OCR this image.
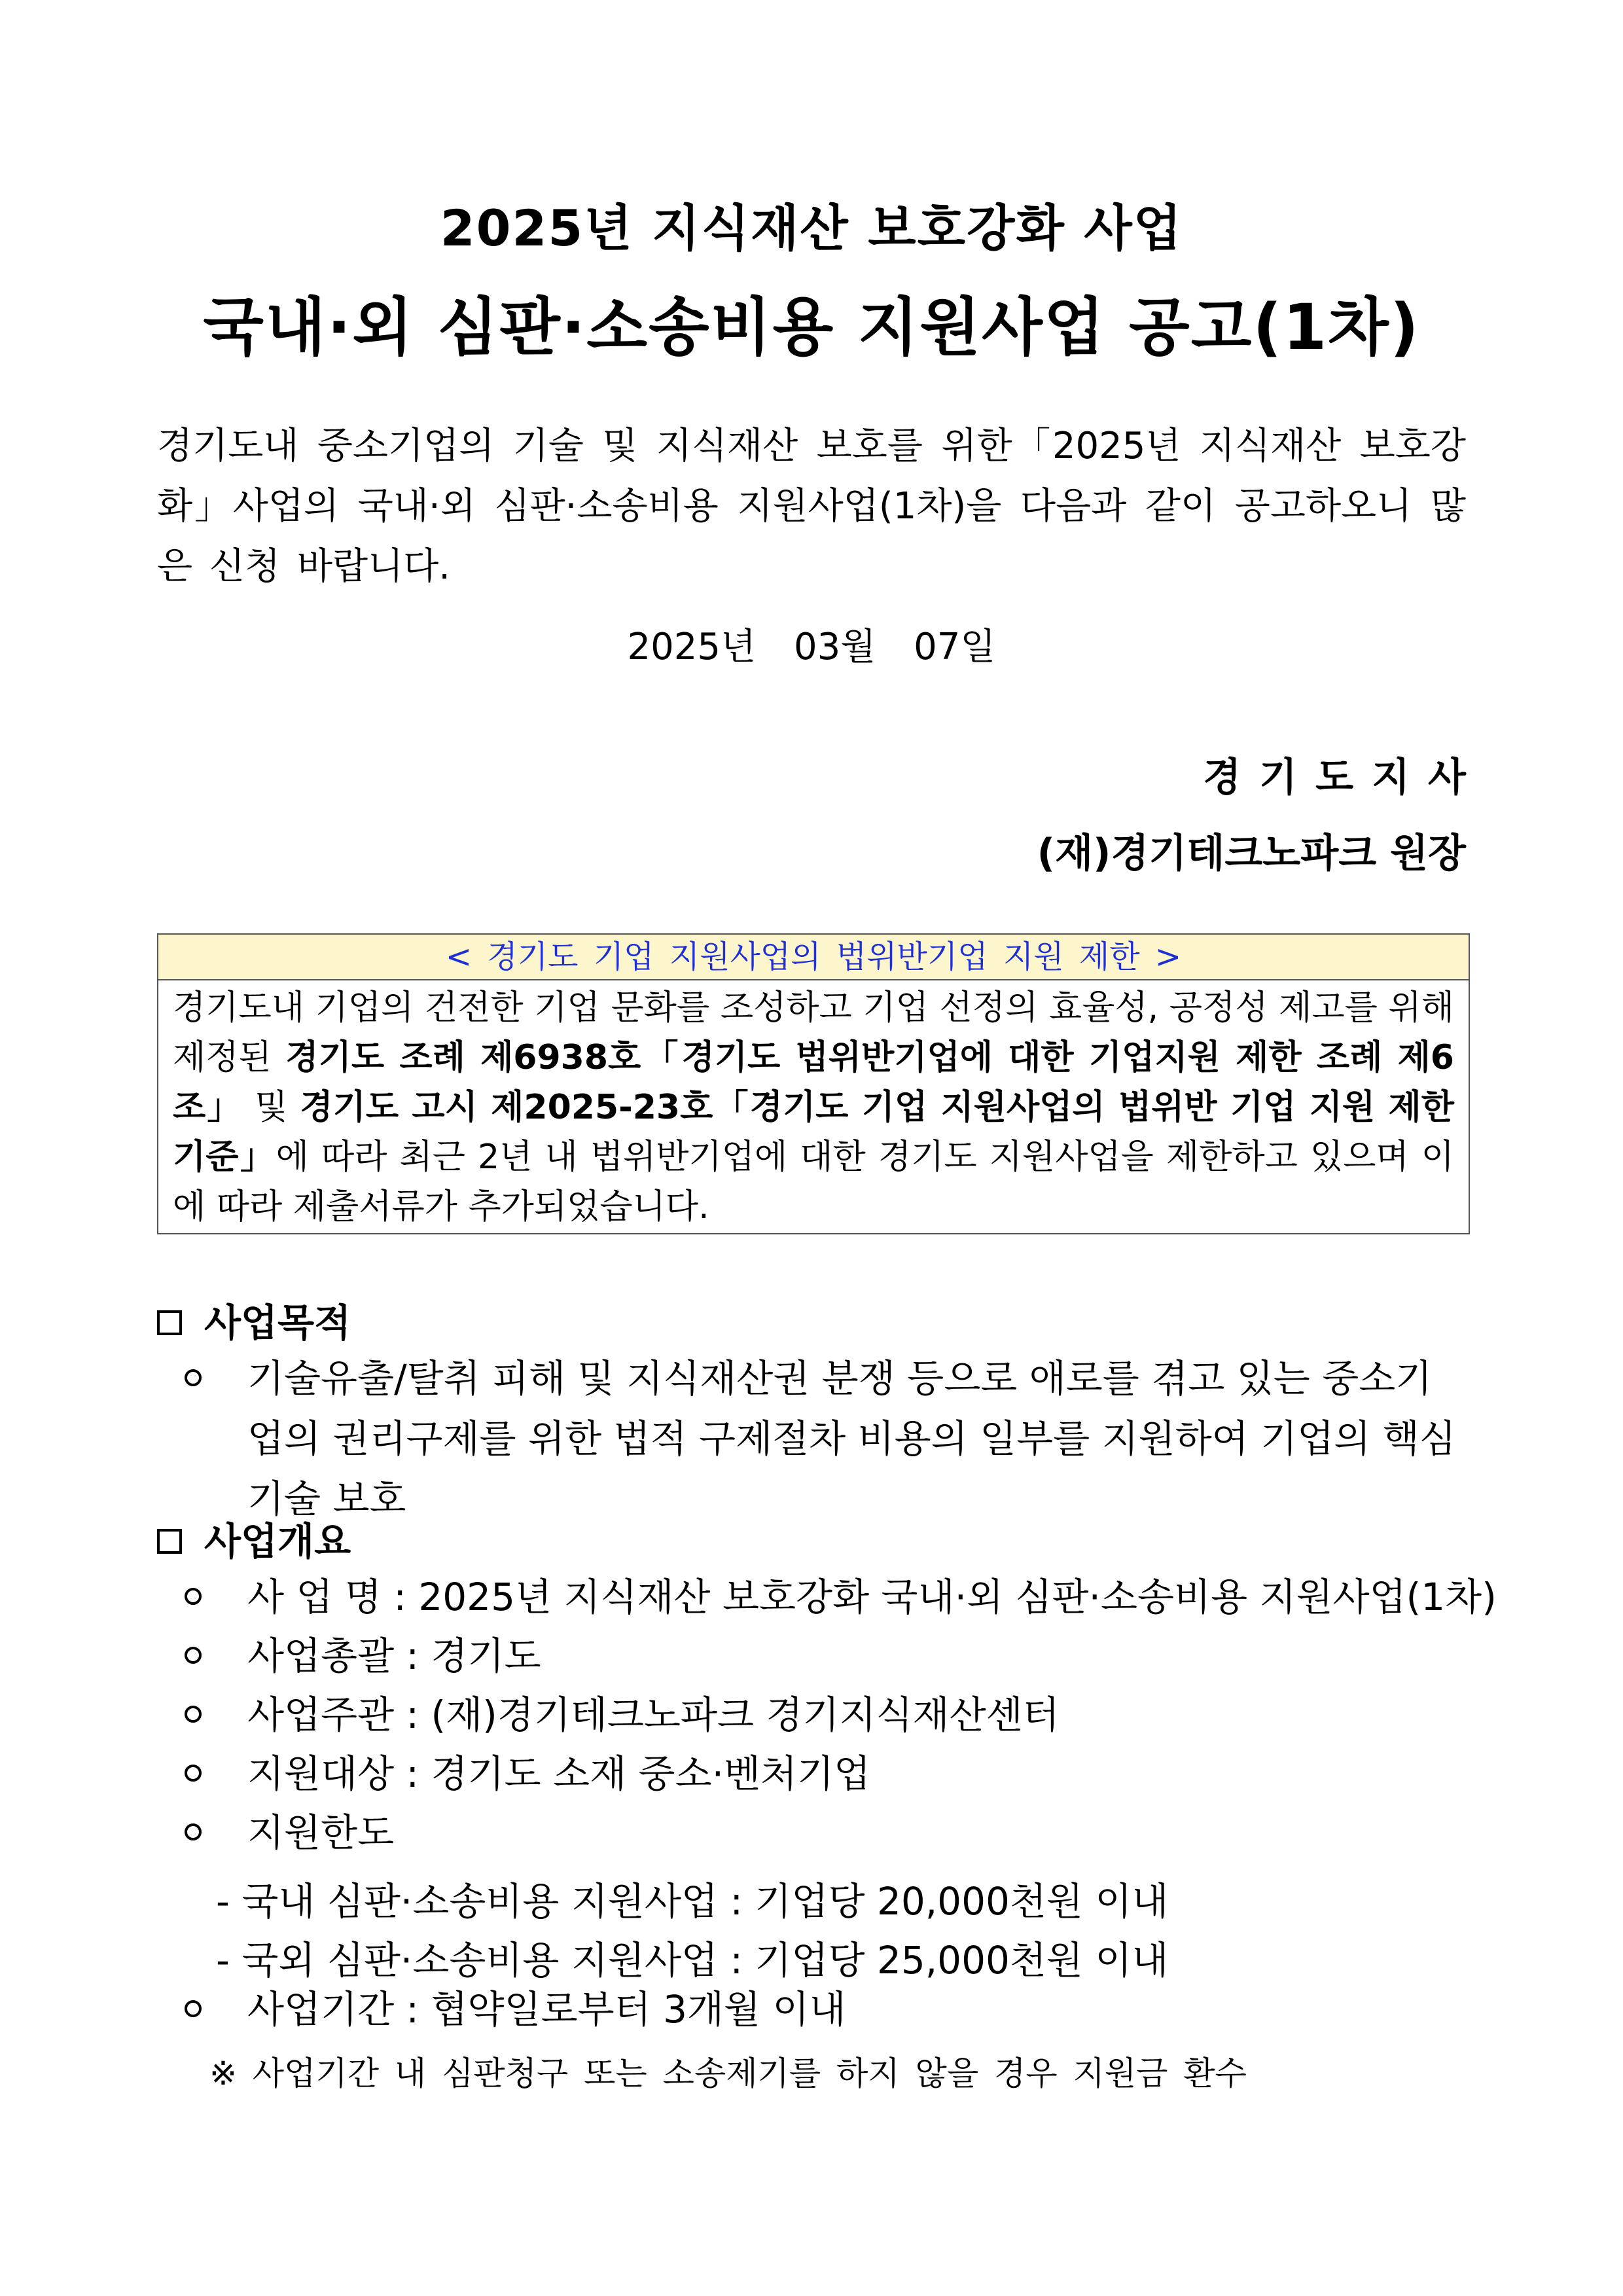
2025년 지식재산 보호강화 사업
국내·외 심판·소송비용 지원사업 공고(1차)
경기도내 중소기업의 기술 및 지식재산 보호를 위한「2025년 지식재산 보호강화」사업의 국내·외 심판·소송비용 지원사업(1차)을 다음과 같이 공고하오니 많은 신청 바랍니다.
2025년 03월 07일
경기도지사
(재)경기테크노파크 원장
< 경기도 기업 지원사업의 법위반기업 지원 제한 >
경기도내 기업의 건전한 기업 문화를 조성하고 기업 선정의 효율성, 공정성 제고를 위해 제정된 경기도 조례 제6938호「경기도 법위반기업에 대한 기업지원 제한 조례 제6조」 및 경기도 고시 제2025-23호「경기도 기업 지원사업의 법위반 기업 지원 제한 기준」에 따라 최근 2년 내 법위반기업에 대한 경기도 지원사업을 제한하고 있으며 이에 따라 제출서류가 추가되었습니다.
사업목적
기술유출/탈취 피해 및 지식재산권 분쟁 등으로 애로를 겪고 있는 중소기업의 권리구제를 위한 법적 구제절차 비용의 일부를 지원하여 기업의 핵심기술 보호
사업개요
사 업 명 : 2025년 지식재산 보호강화 국내·외 심판·소송비용 지원사업(1차)
사업총괄 : 경기도
사업주관 : (재)경기테크노파크 경기지식재산센터
지원대상 : 경기도 소재 중소·벤처기업
지원한도
- 국내 심판·소송비용 지원사업 : 기업당 20,000천원 이내
- 국외 심판·소송비용 지원사업 : 기업당 25,000천원 이내
사업기간 : 협약일로부터 3개월 이내
※ 사업기간 내 심판청구 또는 소송제기를 하지 않을 경우 지원금 환수
